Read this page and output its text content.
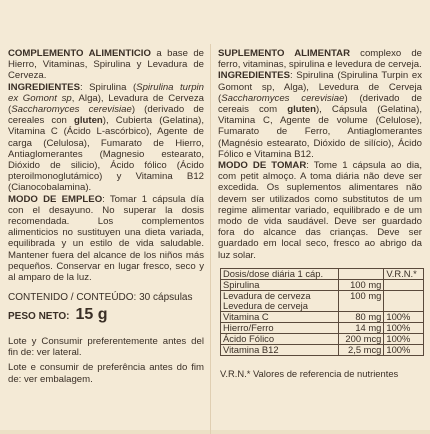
COMPLEMENTO ALIMENTICIO a base de Hierro, Vitaminas, Spirulina y Levadura de Cerveza.

INGREDIENTES: Spirulina (Spirulina turpin ex Gomont sp, Alga), Levadura de Cerveza (Saccharomyces cerevisiae) (derivado de cereales con gluten), Cubierta (Gelatina), Vitamina C (Ácido L-ascórbico), Agente de carga (Celulosa), Fumarato de Hierro, Antiaglomerantes (Magnesio estearato, Dióxido de silicio), Ácido fólico (Ácido pteroilmonoglutámico) y Vitamina B12 (Cianocobalamina).

MODO DE EMPLEO: Tomar 1 cápsula día con el desayuno. No superar la dosis recomendada. Los complementos alimenticios no sustituyen una dieta variada, equilibrada y un estilo de vida saludable. Mantener fuera del alcance de los niños más pequeños. Conservar en lugar fresco, seco y al amparo de la luz.

CONTENIDO / CONTEÚDO: 30 cápsulas
PESO NETO: 15 g

Lote y Consumir preferentemente antes del fin de: ver lateral.

Lote e consumir de preferência antes do fim de: ver embalagem.

SUPLEMENTO ALIMENTAR complexo de ferro, vitaminas, spirulina e levedura de cerveja.

INGREDIENTES: Spirulina (Spirulina Turpin ex Gomont sp, Alga), Levedura de Cerveja (Saccharomyces cerevisiae) (derivado de cereais com gluten), Cápsula (Gelatina), Vitamina C, Agente de volume (Celulose), Fumarato de Ferro, Antiaglomerantes (Magnésio estearato, Dióxido de silício), Ácido Fólico e Vitamina B12.

MODO DE TOMAR: Tome 1 cápsula ao dia, com petit almoço. A toma diária não deve ser excedida. Os suplementos alimentares não devem ser utilizados como substitutos de um regime alimentar variado, equilibrado e de um modo de vida saudável. Deve ser guardado fora do alcance das crianças. Deve ser guardado em local seco, fresco ao abrigo da luz solar.

Dosis/dose diária 1 cáp.		V.R.N.*
Spirulina	100 mg	
Levadura de cerveza
Levedura de cerveja	100 mg	
Vitamina C	80 mg	100%
Hierro/Ferro	14 mg	100%
Ácido Fólico	200 mcg	100%
Vitamina B12	2,5 mcg	100%
V.R.N.* Valores de referencia de nutrientes
